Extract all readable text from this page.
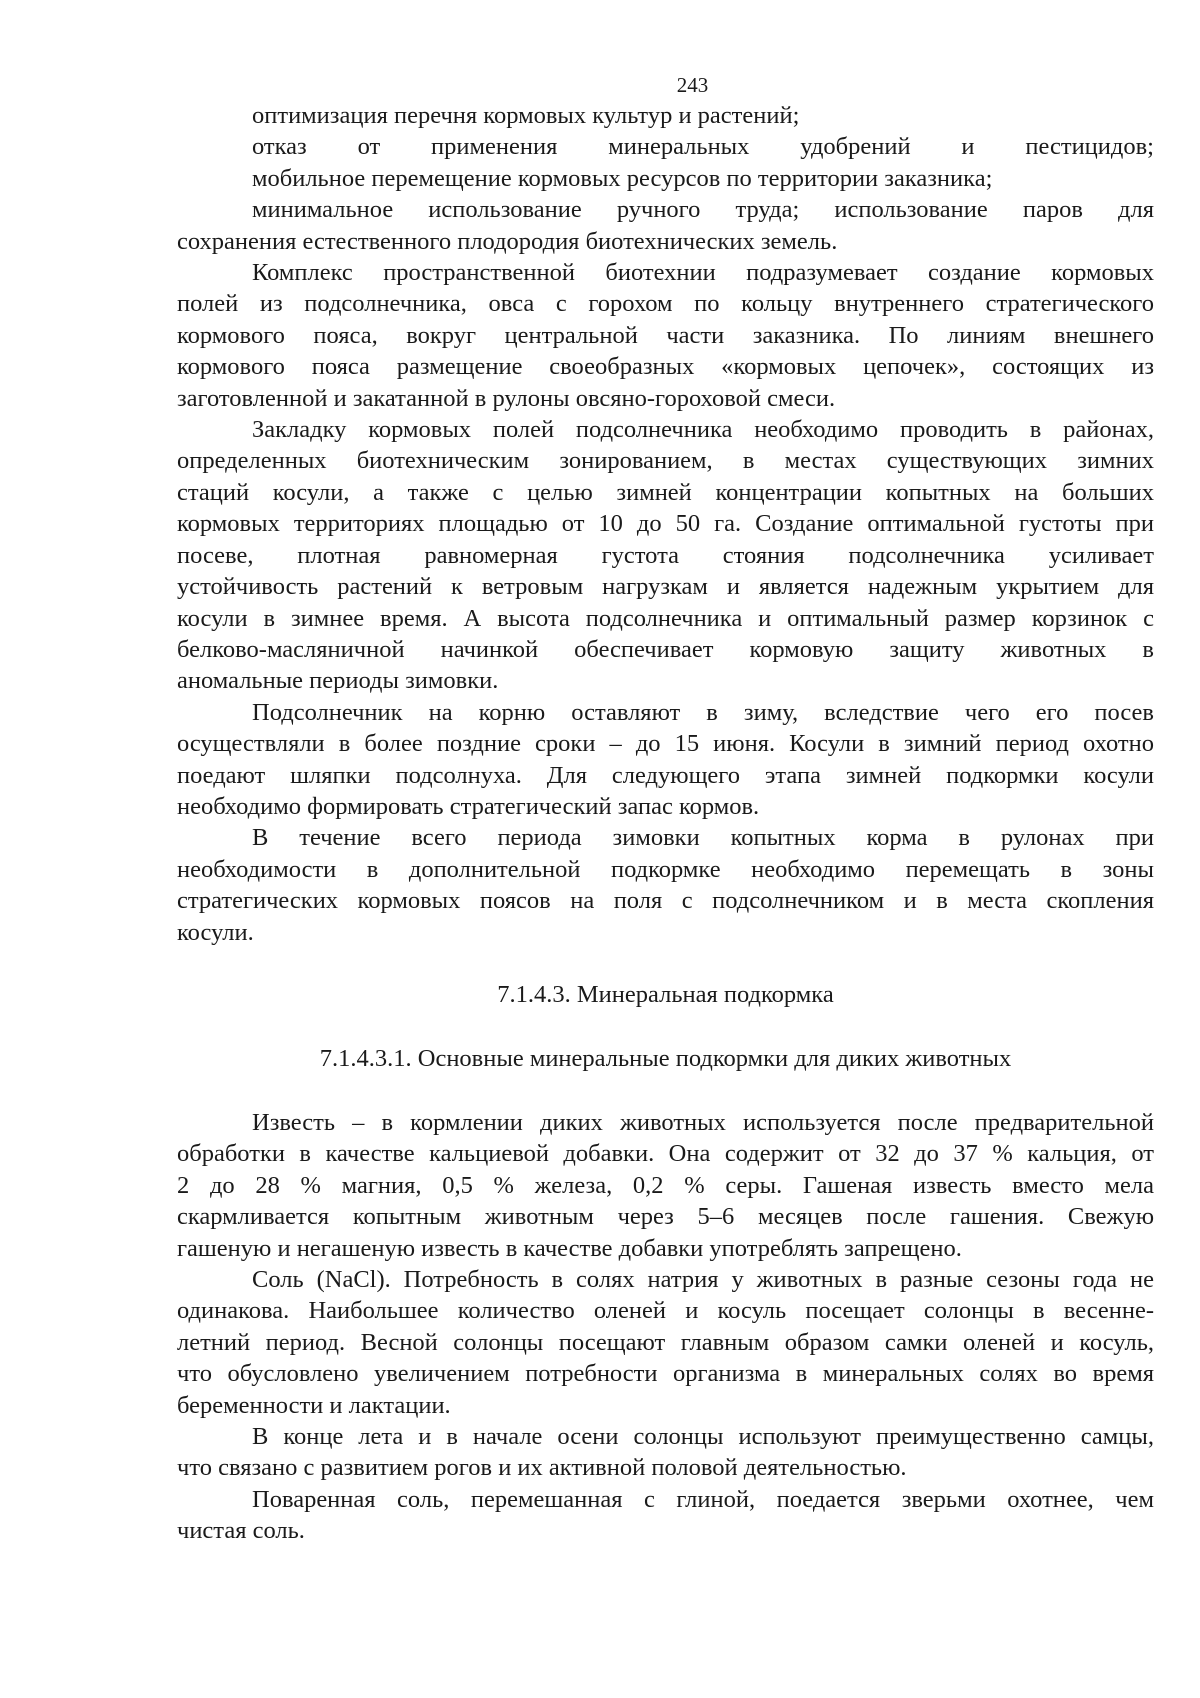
243
оптимизация перечня кормовых культур и растений;
отказ от применения минеральных удобрений и пестицидов;
мобильное перемещение кормовых ресурсов по территории заказника;
минимальное использование ручного труда; использование паров для
сохранения естественного плодородия биотехнических земель.
Комплекс пространственной биотехнии подразумевает создание кормовых
полей из подсолнечника, овса с горохом по кольцу внутреннего стратегического
кормового пояса, вокруг центральной части заказника. По линиям внешнего
кормового пояса размещение своеобразных «кормовых цепочек», состоящих из
заготовленной и закатанной в рулоны овсяно-гороховой смеси.
Закладку кормовых полей подсолнечника необходимо проводить в районах,
определенных биотехническим зонированием, в местах существующих зимних
стаций косули, а также с целью зимней концентрации копытных на больших
кормовых территориях площадью от 10 до 50 га. Создание оптимальной густоты при
посеве, плотная равномерная густота стояния подсолнечника усиливает
устойчивость растений к ветровым нагрузкам и является надежным укрытием для
косули в зимнее время. А высота подсолнечника и оптимальный размер корзинок с
белково-масляничной начинкой обеспечивает кормовую защиту животных в
аномальные периоды зимовки.
Подсолнечник на корню оставляют в зиму, вследствие чего его посев
осуществляли в более поздние сроки – до 15 июня. Косули в зимний период охотно
поедают шляпки подсолнуха. Для следующего этапа зимней подкормки косули
необходимо формировать стратегический запас кормов.
В течение всего периода зимовки копытных корма в рулонах при
необходимости в дополнительной подкормке необходимо перемещать в зоны
стратегических кормовых поясов на поля с подсолнечником и в места скопления
косули.
7.1.4.3. Минеральная подкормка
7.1.4.3.1. Основные минеральные подкормки для диких животных
Известь – в кормлении диких животных используется после предварительной
обработки в качестве кальциевой добавки. Она содержит от 32 до 37 % кальция, от
2 до 28 % магния, 0,5 % железа, 0,2 % серы. Гашеная известь вместо мела
скармливается копытным животным через 5–6 месяцев после гашения. Свежую
гашеную и негашеную известь в качестве добавки употреблять запрещено.
Соль (NaCl). Потребность в солях натрия у животных в разные сезоны года не
одинакова. Наибольшее количество оленей и косуль посещает солонцы в весенне-
летний период. Весной солонцы посещают главным образом самки оленей и косуль,
что обусловлено увеличением потребности организма в минеральных солях во время
беременности и лактации.
В конце лета и в начале осени солонцы используют преимущественно самцы,
что связано с развитием рогов и их активной половой деятельностью.
Поваренная соль, перемешанная с глиной, поедается зверьми охотнее, чем
чистая соль.
